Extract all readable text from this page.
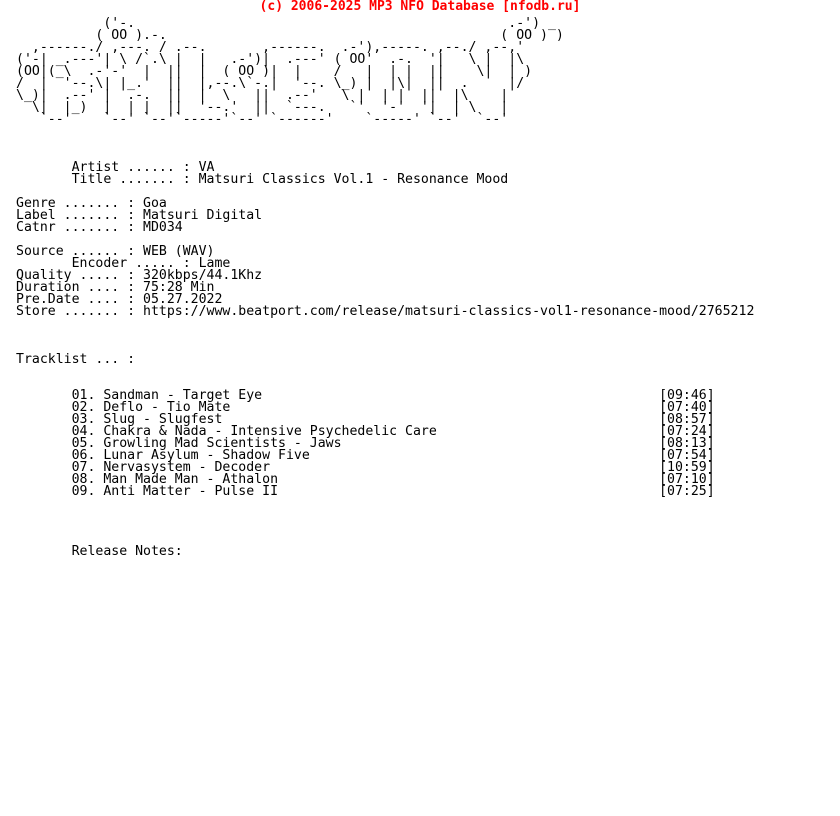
(c) 2006-2025 MP3 NFO Database [nfodb.ru]
('-.                                               .-') _
( OO ).-.                                          ( OO ) )
,------./ ,---. / .--.       ,------.  .-'),-----. ,--./ ,--,'
('-| _.---'| \ /`.\ |  |   .-')|  .---' ( OO'  .-.  '|   \ |  |\
(OO|(_\  .-'-'  |  ||  |  ( OO )|  |    /   |  | |  ||    \|  | )
/  |  '--.\| |_.'  ||  |,--.\`-.|  '--. \_) |  |\|  ||  .     |/
\_)|  .--' |  .-.  ||  |  \   ||  .--'   \ |  | |  ||  |\    |
\|  |_)  |  | |  ||  '--.'  ||  `---.   `'  '-'  '|  | \   |
`--'    `--' `--'`-----'`--' `------'    `-----' `--'  `--'

Artist ...... : VA
Title ....... : Matsuri Classics Vol.1 - Resonance Mood

Genre ....... : Goa
Label ....... : Matsuri Digital
Catnr ....... : MD034

Source ...... : WEB (WAV)
Encoder ..... : Lame
Quality ..... : 320kbps/44.1Khz
Duration .... : 75:28 Min
Pre.Date .... : 05.27.2022
Store ....... : https://www.beatport.com/release/matsuri-classics-vol1-resonance-mood/2765212

Tracklist ... :

01. Sandman - Target Eye                                                  [09:46]
02. Deflo - Tio Mate                                                      [07:40]
03. Slug - Slugfest                                                       [08:57]
04. Chakra & Nada - Intensive Psychedelic Care                            [07:24]
05. Growling Mad Scientists - Jaws                                        [08:13]
06. Lunar Asylum - Shadow Five                                            [07:54]
07. Nervasystem - Decoder                                                 [10:59]
08. Man Made Man - Athalon                                                [07:10]
09. Anti Matter - Pulse II                                                [07:25]

Release Notes:
